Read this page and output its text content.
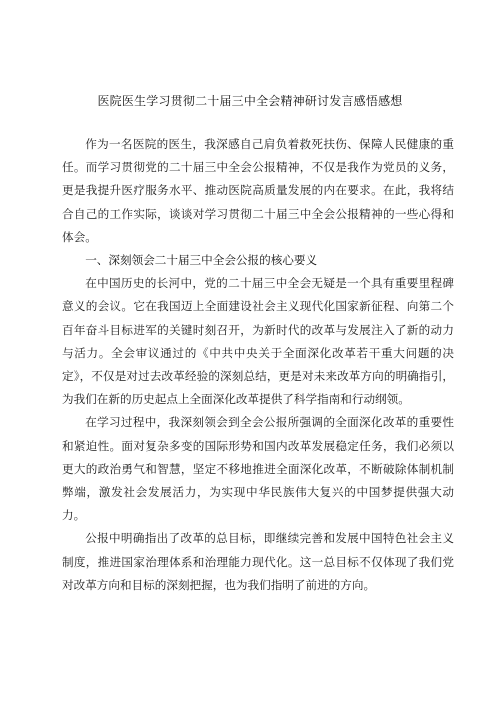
医院医生学习贯彻二十届三中全会精神研讨发言感悟感想

作为一名医院的医生，我深感自己肩负着救死扶伤、保障人民健康的重任。而学习贯彻党的二十届三中全会公报精神，不仅是我作为党员的义务，更是我提升医疗服务水平、推动医院高质量发展的内在要求。在此，我将结合自己的工作实际，谈谈对学习贯彻二十届三中全会公报精神的一些心得和体会。

一、深刻领会二十届三中全会公报的核心要义

在中国历史的长河中，党的二十届三中全会无疑是一个具有重要里程碑意义的会议。它在我国迈上全面建设社会主义现代化国家新征程、向第二个百年奋斗目标进军的关键时刻召开，为新时代的改革与发展注入了新的动力与活力。全会审议通过的《中共中央关于全面深化改革若干重大问题的决定》，不仅是对过去改革经验的深刻总结，更是对未来改革方向的明确指引，为我们在新的历史起点上全面深化改革提供了科学指南和行动纲领。

在学习过程中，我深刻领会到全会公报所强调的全面深化改革的重要性和紧迫性。面对复杂多变的国际形势和国内改革发展稳定任务，我们必须以更大的政治勇气和智慧，坚定不移地推进全面深化改革，不断破除体制机制弊端，激发社会发展活力，为实现中华民族伟大复兴的中国梦提供强大动力。

公报中明确指出了改革的总目标，即继续完善和发展中国特色社会主义制度，推进国家治理体系和治理能力现代化。这一总目标不仅体现了我们党对改革方向和目标的深刻把握，也为我们指明了前进的方向。
